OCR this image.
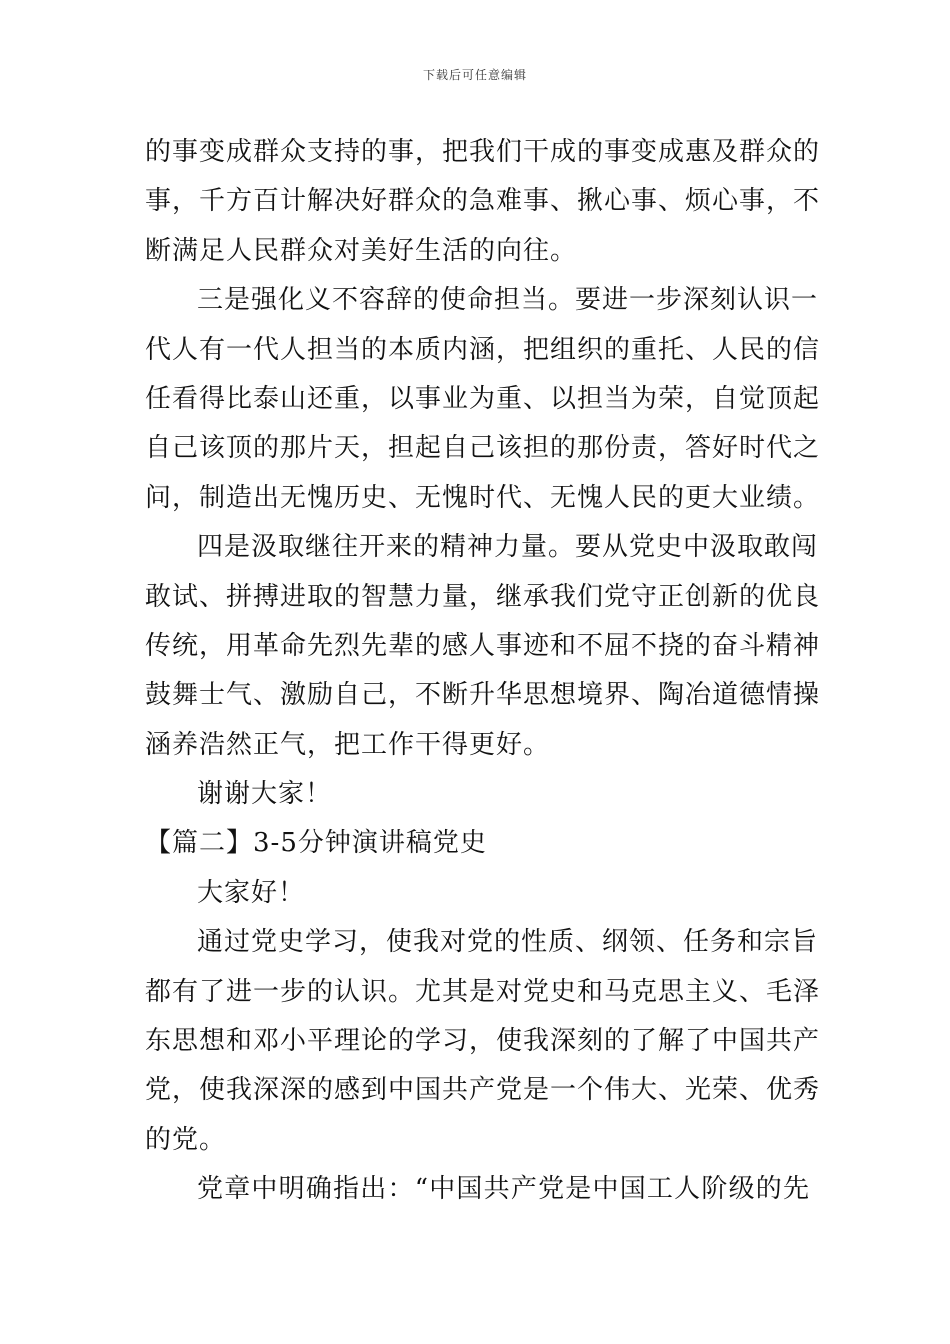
下载后可任意编辑
的事变成群众支持的事，把我们干成的事变成惠及群众的
事，千方百计解决好群众的急难事、揪心事、烦心事，不
断满足人民群众对美好生活的向往。
三是强化义不容辞的使命担当。要进一步深刻认识一
代人有一代人担当的本质内涵，把组织的重托、人民的信
任看得比泰山还重，以事业为重、以担当为荣，自觉顶起
自己该顶的那片天，担起自己该担的那份责，答好时代之
问，制造出无愧历史、无愧时代、无愧人民的更大业绩。
四是汲取继往开来的精神力量。要从党史中汲取敢闯
敢试、拼搏进取的智慧力量，继承我们党守正创新的优良
传统，用革命先烈先辈的感人事迹和不屈不挠的奋斗精神
鼓舞士气、激励自己，不断升华思想境界、陶冶道德情操
涵养浩然正气，把工作干得更好。
谢谢大家！
【篇二】3-5分钟演讲稿党史
大家好！
通过党史学习，使我对党的性质、纲领、任务和宗旨
都有了进一步的认识。尤其是对党史和马克思主义、毛泽
东思想和邓小平理论的学习，使我深刻的了解了中国共产
党，使我深深的感到中国共产党是一个伟大、光荣、优秀
的党。
党章中明确指出：“中国共产党是中国工人阶级的先
